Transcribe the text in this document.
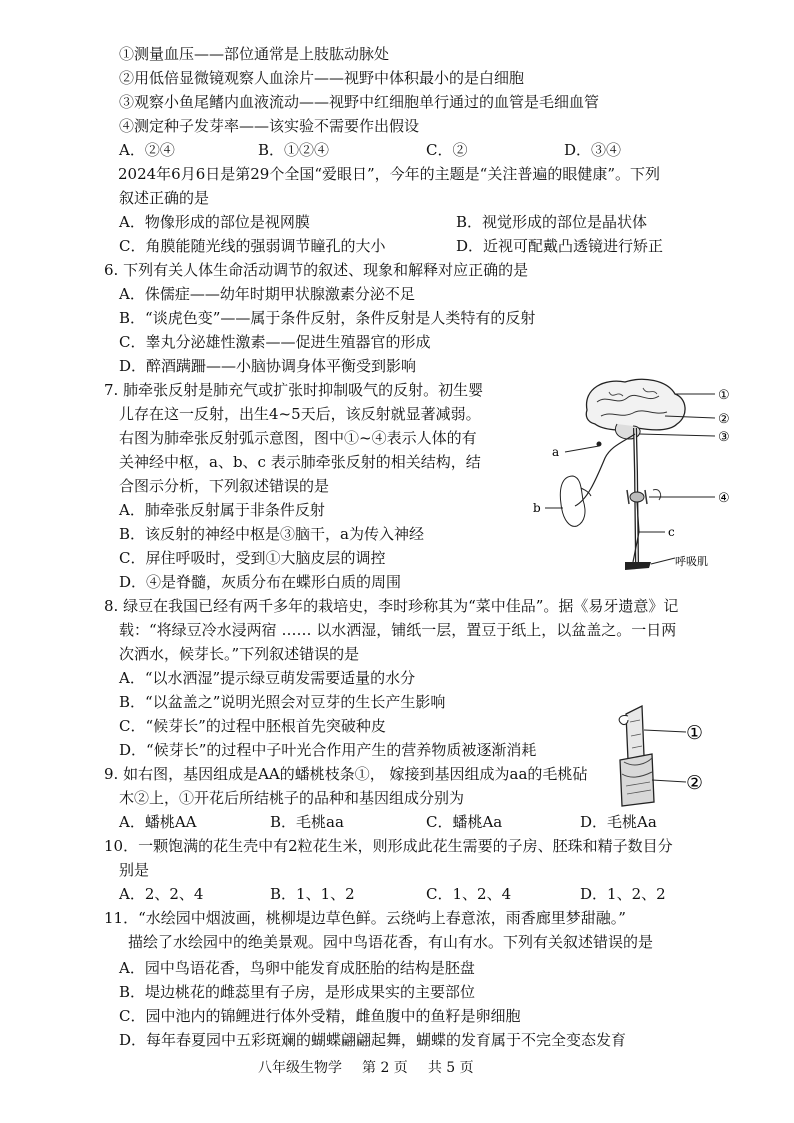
①测量血压——部位通常是上肢肱动脉处
②用低倍显微镜观察人血涂片——视野中体积最小的是白细胞
③观察小鱼尾鳍内血液流动——视野中红细胞单行通过的血管是毛细血管
④测定种子发芽率——该实验不需要作出假设
A．②④	B．①②④	C．②	D．③④
2024年6月6日是第29个全国“爱眼日”，今年的主题是“关注普遍的眼健康”。下列
叙述正确的是
A．物像形成的部位是视网膜	B．视觉形成的部位是晶状体
C．角膜能随光线的强弱调节瞳孔的大小	D．近视可配戴凸透镜进行矫正
6. 下列有关人体生命活动调节的叙述、现象和解释对应正确的是
A．侏儒症——幼年时期甲状腺激素分泌不足
B．“谈虎色变”——属于条件反射，条件反射是人类特有的反射
C．睾丸分泌雄性激素——促进生殖器官的形成
D．醉酒蹒跚——小脑协调身体平衡受到影响
7. 肺牵张反射是肺充气或扩张时抑制吸气的反射。初生婴
儿存在这一反射，出生4~5天后，该反射就显著减弱。
右图为肺牵张反射弧示意图，图中①~④表示人体的有
关神经中枢，a、b、c 表示肺牵张反射的相关结构，结
合图示分析，下列叙述错误的是
A．肺牵张反射属于非条件反射
B．该反射的神经中枢是③脑干，a为传入神经
C．屏住呼吸时，受到①大脑皮层的调控
D．④是脊髓，灰质分布在蝶形白质的周围
①
②
③
④
a
b
c
呼吸肌
8. 绿豆在我国已经有两千多年的栽培史，李时珍称其为“菜中佳品”。据《易牙遗意》记
载：“将绿豆冷水浸两宿 …… 以水洒湿，铺纸一层，置豆于纸上，以盆盖之。一日两
次洒水，候芽长。”下列叙述错误的是
A．“以水洒湿”提示绿豆萌发需要适量的水分
B．“以盆盖之”说明光照会对豆芽的生长产生影响
C．“候芽长”的过程中胚根首先突破种皮
D．“候芽长”的过程中子叶光合作用产生的营养物质被逐渐消耗
①
②
9. 如右图，基因组成是AA的蟠桃枝条①， 嫁接到基因组成为aa的毛桃砧
木②上，①开花后所结桃子的品种和基因组成分别为
A．蟠桃AA	B．毛桃aa	C．蟠桃Aa	D．毛桃Aa
10．一颗饱满的花生壳中有2粒花生米，则形成此花生需要的子房、胚珠和精子数目分
别是
A．2、2、4	B．1、1、2	C．1、2、4	D．1、2、2
11．“水绘园中烟波画，桃柳堤边草色鲜。云绕屿上春意浓，雨香廊里梦甜融。”
描绘了水绘园中的绝美景观。园中鸟语花香，有山有水。下列有关叙述错误的是
A．园中鸟语花香，鸟卵中能发育成胚胎的结构是胚盘
B．堤边桃花的雌蕊里有子房，是形成果实的主要部位
C．园中池内的锦鲤进行体外受精，雌鱼腹中的鱼籽是卵细胞
D．每年春夏园中五彩斑斓的蝴蝶翩翩起舞，蝴蝶的发育属于不完全变态发育
八年级生物学 第 2 页 共 5 页
